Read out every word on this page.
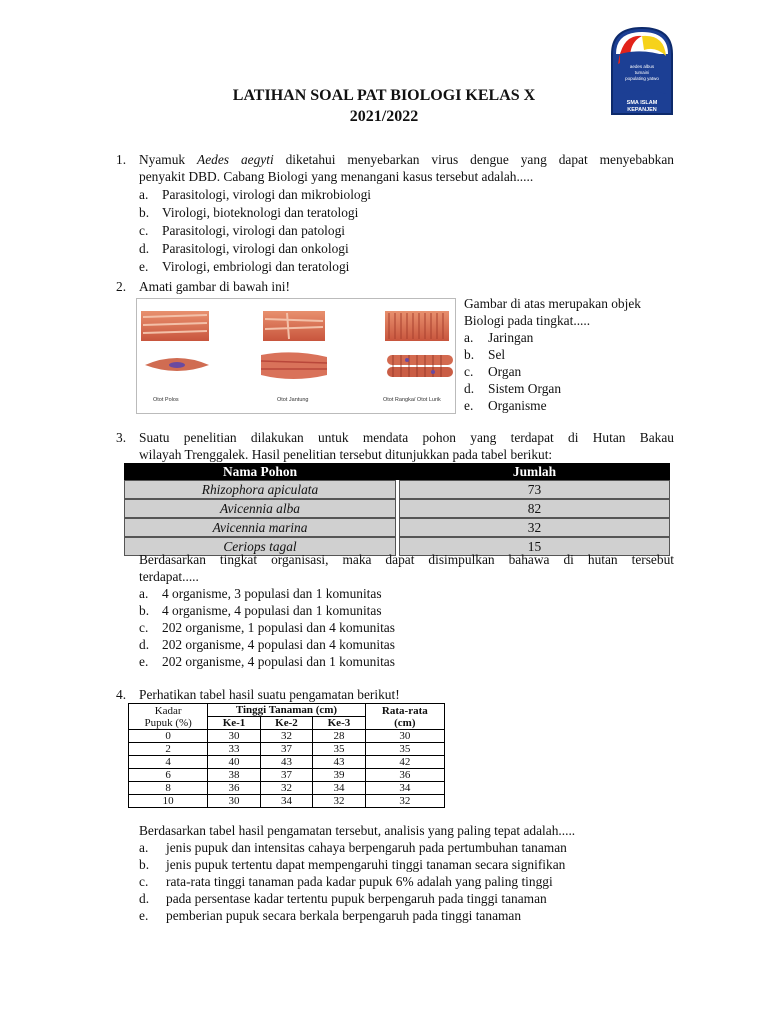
aedes albus
tumaini
populating yatwo
SMA ISLAM
KEPANJEN
LATIHAN SOAL PAT BIOLOGI KELAS X
2021/2022
1. Nyamuk Aedes aegyti diketahui menyebarkan virus dengue yang dapat menyebabkan
penyakit DBD. Cabang Biologi yang menangani kasus tersebut adalah.....
a. Parasitologi, virologi dan mikrobiologi
b. Virologi, bioteknologi dan teratologi
c. Parasitologi, virologi dan patologi
d. Parasitologi, virologi dan onkologi
e. Virologi, embriologi dan teratologi
2. Amati gambar di bawah ini!
Otot Polos	Otot Jantung	Otot Rangka/ Otot Lurik
Gambar di atas merupakan objek
Biologi pada tingkat.....
a. Jaringan
b. Sel
c. Organ
d. Sistem Organ
e. Organisme
3. Suatu penelitian dilakukan untuk mendata pohon yang terdapat di Hutan Bakau
wilayah Trenggalek. Hasil penelitian tersebut ditunjukkan pada tabel berikut:
Nama Pohon		Jumlah
Rhizophora apiculata		73
Avicennia alba		82
Avicennia marina		32
Ceriops tagal		15
Berdasarkan tingkat organisasi, maka dapat disimpulkan bahawa di hutan tersebut
terdapat.....
a. 4 organisme, 3 populasi dan 1 komunitas
b. 4 organisme, 4 populasi dan 1 komunitas
c. 202 organisme, 1 populasi dan 4 komunitas
d. 202 organisme, 4 populasi dan 4 komunitas
e. 202 organisme, 4 populasi dan 1 komunitas
4. Perhatikan tabel hasil suatu pengamatan berikut!
Kadar
Pupuk (%)	Tinggi Tanaman (cm)			Rata-rata
(cm)
	Ke-1	Ke-2	Ke-3	
0	30	32	28	30
2	33	37	35	35
4	40	43	43	42
6	38	37	39	36
8	36	32	34	34
10	30	34	32	32
Berdasarkan tabel hasil pengamatan tersebut, analisis yang paling tepat adalah.....
a. jenis pupuk dan intensitas cahaya berpengaruh pada pertumbuhan tanaman
b. jenis pupuk tertentu dapat mempengaruhi tinggi tanaman secara signifikan
c. rata-rata tinggi tanaman pada kadar pupuk 6% adalah yang paling tinggi
d. pada persentase kadar tertentu pupuk berpengaruh pada tinggi tanaman
e. pemberian pupuk secara berkala berpengaruh pada tinggi tanaman
